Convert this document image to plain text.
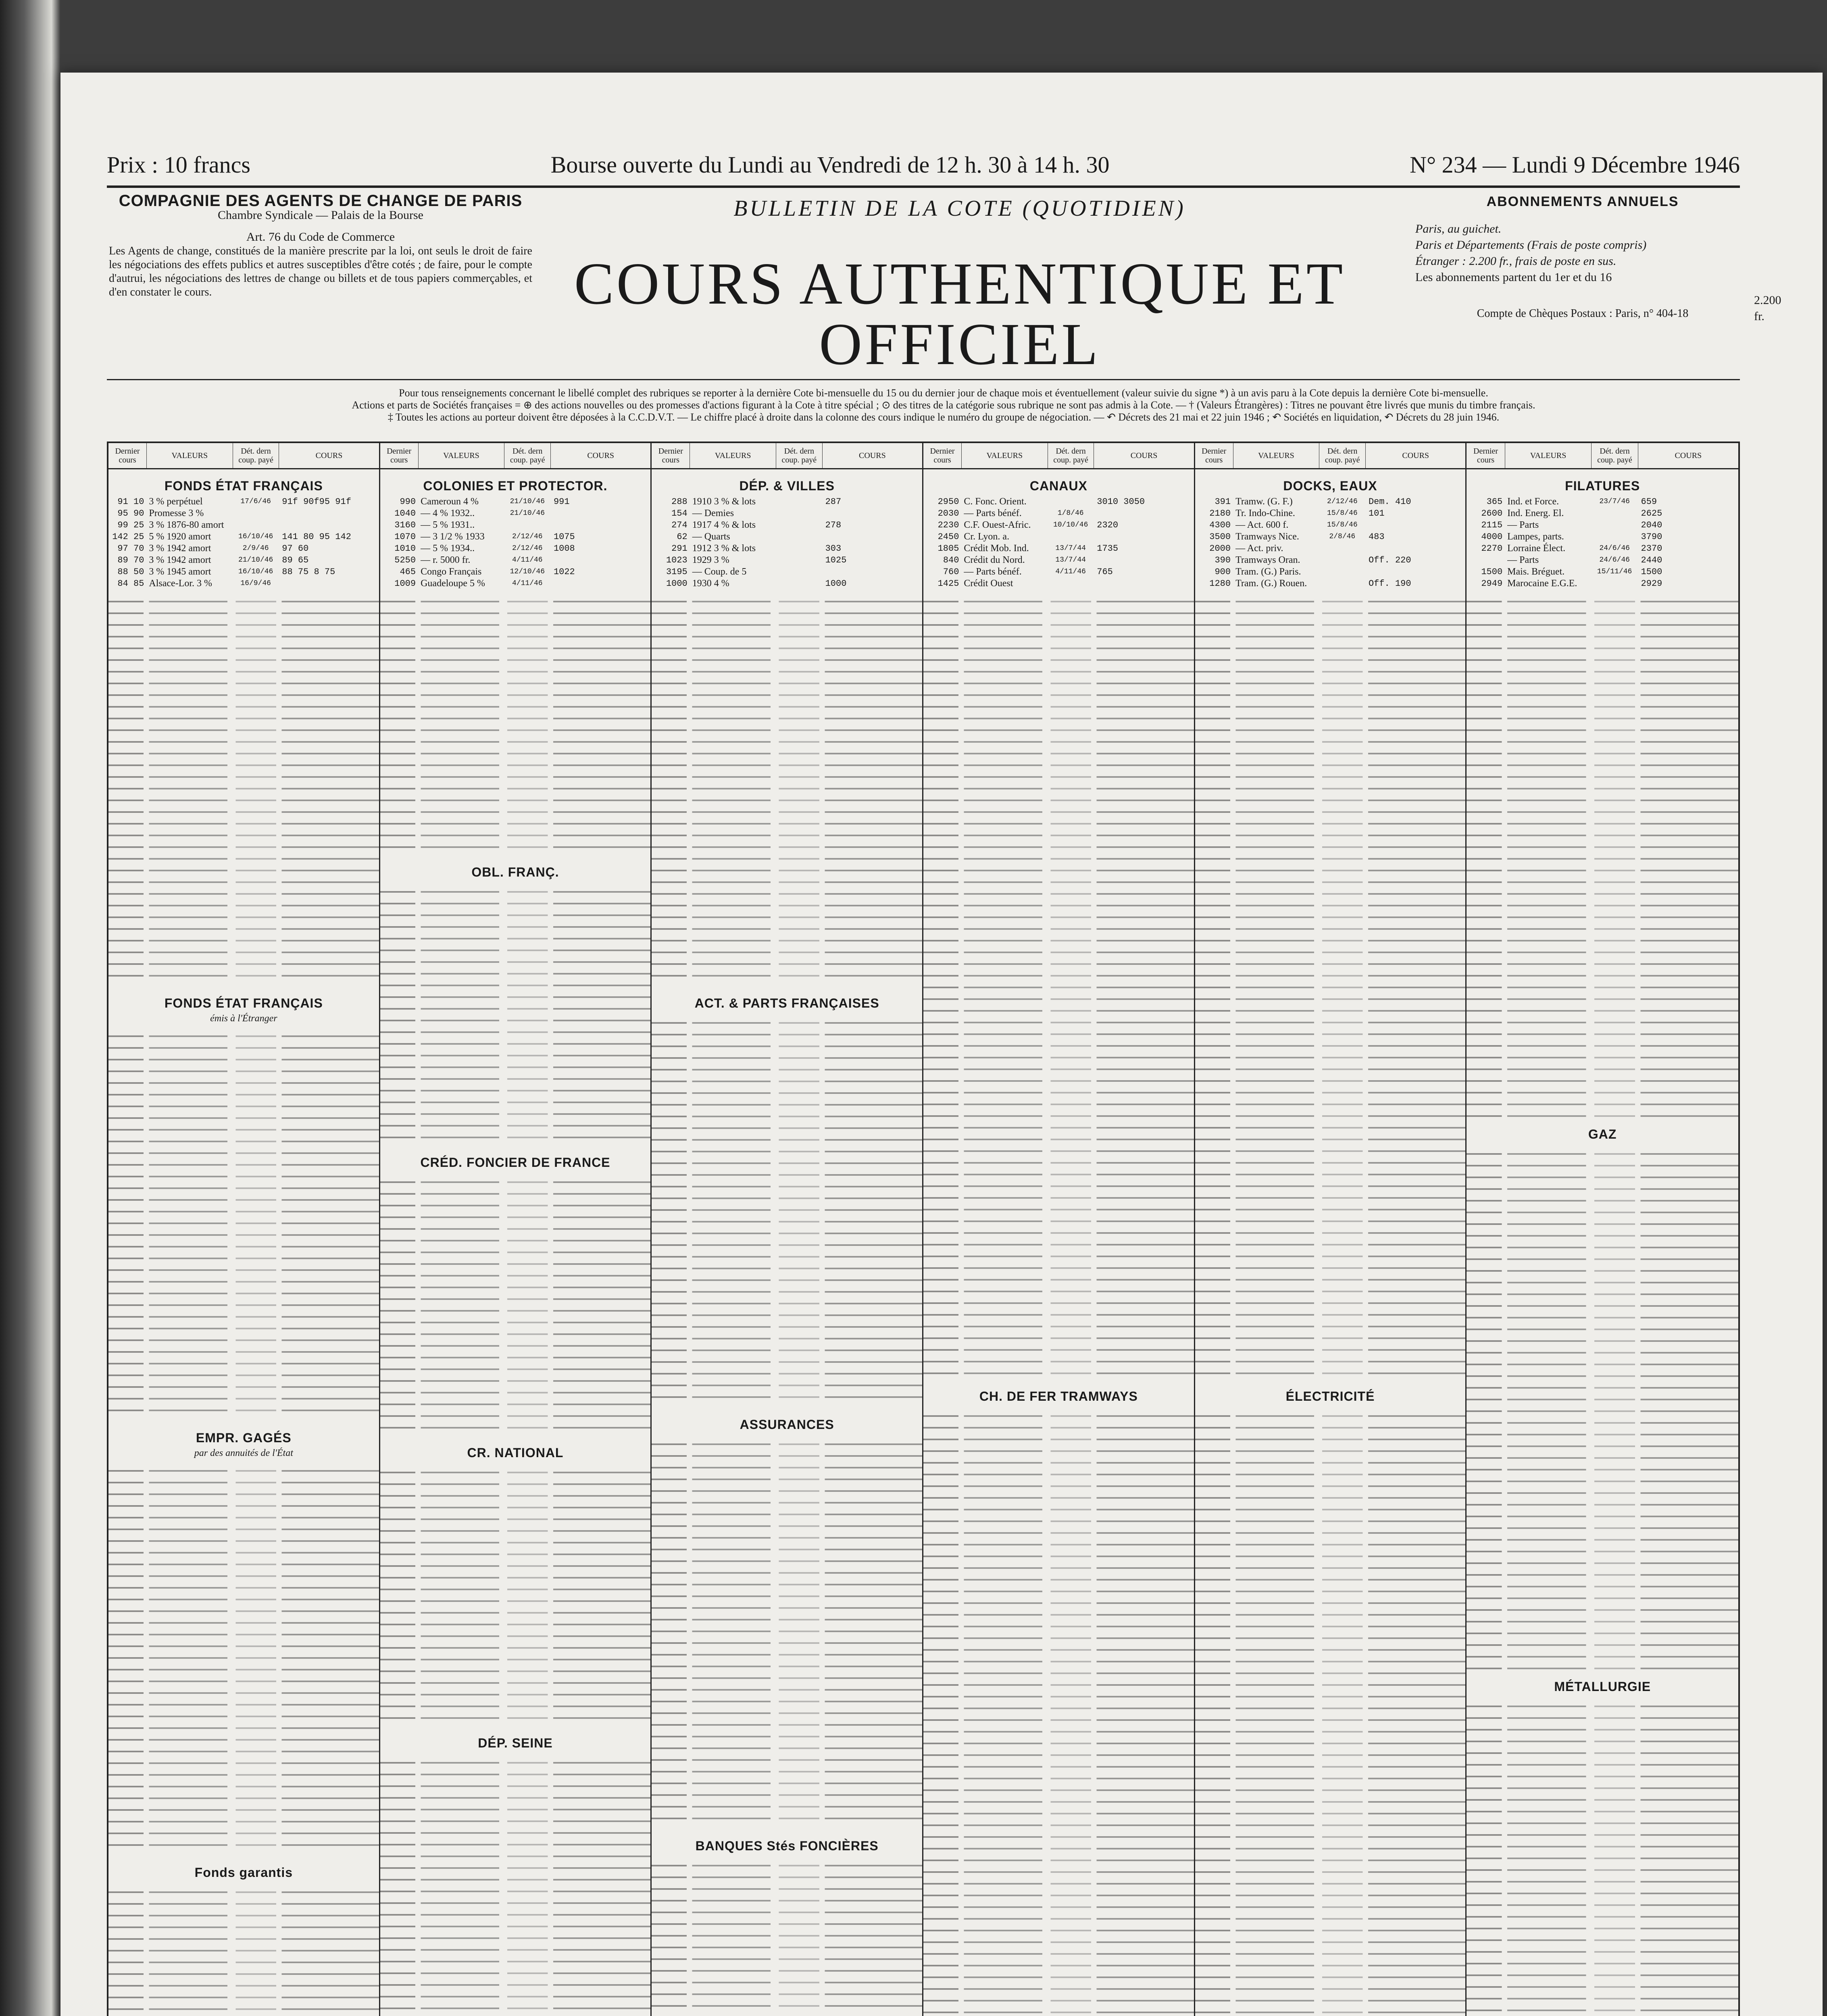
Prix : 10 francs	Bourse ouverte du Lundi au Vendredi de 12 h. 30 à 14 h. 30	N° 234 — Lundi 9 Décembre 1946
COMPAGNIE DES AGENTS DE CHANGE DE PARIS
Chambre Syndicale — Palais de la Bourse
Art. 76 du Code de Commerce
Les Agents de change, constitués de la manière prescrite par la loi, ont seuls le droit de faire les négociations des effets publics et autres susceptibles d'être cotés ; de faire, pour le compte d'autrui, les négociations des lettres de change ou billets et de tous papiers commerçables, et d'en constater le cours.
BULLETIN DE LA COTE (QUOTIDIEN)
COURS AUTHENTIQUE ET OFFICIEL
ABONNEMENTS ANNUELS
Paris, au guichet.
Paris et Départements (Frais de poste compris)
Étranger : 2.200 fr., frais de poste en sus.
Les abonnements partent du 1er et du 16
Compte de Chèques Postaux : Paris, n° 404-18
2.200 fr.
Pour tous renseignements concernant le libellé complet des rubriques se reporter à la dernière Cote bi-mensuelle du 15 ou du dernier jour de chaque mois et éventuellement (valeur suivie du signe *) à un avis paru à la Cote depuis la dernière Cote bi-mensuelle.
Actions et parts de Sociétés françaises = ⊕ des actions nouvelles ou des promesses d'actions figurant à la Cote à titre spécial ; ⊙ des titres de la catégorie sous rubrique ne sont pas admis à la Cote. — † (Valeurs Étrangères) : Titres ne pouvant être livrés que munis du timbre français.
‡ Toutes les actions au porteur doivent être déposées à la C.C.D.V.T. — Le chiffre placé à droite dans la colonne des cours indique le numéro du groupe de négociation. — ↶ Décrets des 21 mai et 22 juin 1946 ; ↶ Sociétés en liquidation, ↶ Décrets du 28 juin 1946.
Dernier cours	VALEURS	Dét. dern coup. payé	COURS
FONDS ÉTAT FRANÇAIS
91 10 3 % perpétuel	17/6/46	91f 90f95 91f
95 90 Promesse 3 %
99 25 3 % 1876-80 amort
142 25 5 % 1920 amort	16/10/46 141 80 95 142
97 70 3 % 1942 amort	2/9/46	97 60
89 70 3 % 1942 amort	21/10/46 89 65
88 50 3 % 1945 amort	16/10/46 88 75 8 75
84 85 Alsace-Lor. 3 %	16/9/46
FONDS ÉTAT FRANÇAIS
émis à l'Étranger
EMPR. GAGÉS
par des annuités de l'État
Fonds garantis
Dernier cours	VALEURS	Dét. dern coup. payé	COURS
COLONIES ET PROTECTOR.
990 Cameroun 4 %	21/10/46 991
1040 — 4 % 1932..	21/10/46
3160 — 5 % 1931..
1070 — 3 1/2 % 1933	2/12/46	1075
1010 — 5 % 1934..	2/12/46	1008
5250 — r. 5000 fr.	4/11/46
465 Congo Français	12/10/46 1022
1009 Guadeloupe 5 %	4/11/46
OBL. FRANÇ.
CRÉD. FONCIER DE FRANCE
CR. NATIONAL
DÉP. SEINE
Dernier cours	VALEURS	Dét. dern coup. payé	COURS
DÉP. & VILLES
288 1910 3 % & lots	287
154 — Demies
274 1917 4 % & lots	278
62 — Quarts
291 1912 3 % & lots	303
1023 1929 3 %	1025
3195 — Coup. de 5
1000 1930 4 %	1000
ACT. & PARTS FRANÇAISES
ASSURANCES
BANQUES Stés FONCIÈRES
Dernier cours	VALEURS	Dét. dern coup. payé	COURS
CANAUX
2950 C. Fonc. Orient.	3010 3050
2030 — Parts bénéf.	1/8/46
2230 C.F. Ouest-Afric.	10/10/46 2320
2450 Cr. Lyon. a.
1805 Crédit Mob. Ind.	13/7/44	1735
840 Crédit du Nord.	13/7/44
760 — Parts bénéf.	4/11/46	765
1425 Crédit Ouest
CH. DE FER TRAMWAYS
Dernier cours	VALEURS	Dét. dern coup. payé	COURS
DOCKS, EAUX
391 Tramw. (G. F.)	2/12/46	Dem. 410
2180 Tr. Indo-Chine.	15/8/46	101
4300 — Act. 600 f.	15/8/46
3500 Tramways Nice.	2/8/46	483
2000 — Act. priv.
390 Tramways Oran.	Off. 220
900 Tram. (G.) Paris.
1280 Tram. (G.) Rouen.	Off. 190
ÉLECTRICITÉ
Dernier cours	VALEURS	Dét. dern coup. payé	COURS
FILATURES
365 Ind. et Force.	23/7/46	659
2600 Ind. Energ. El.	2625
2115 — Parts	2040
4000 Lampes, parts.	3790
2270 Lorraine Élect.	24/6/46	2370
— Parts	24/6/46	2440
1500 Mais. Bréguet.	15/11/46	1500
2949 Marocaine E.G.E.	2929
GAZ
MÉTALLURGIE
